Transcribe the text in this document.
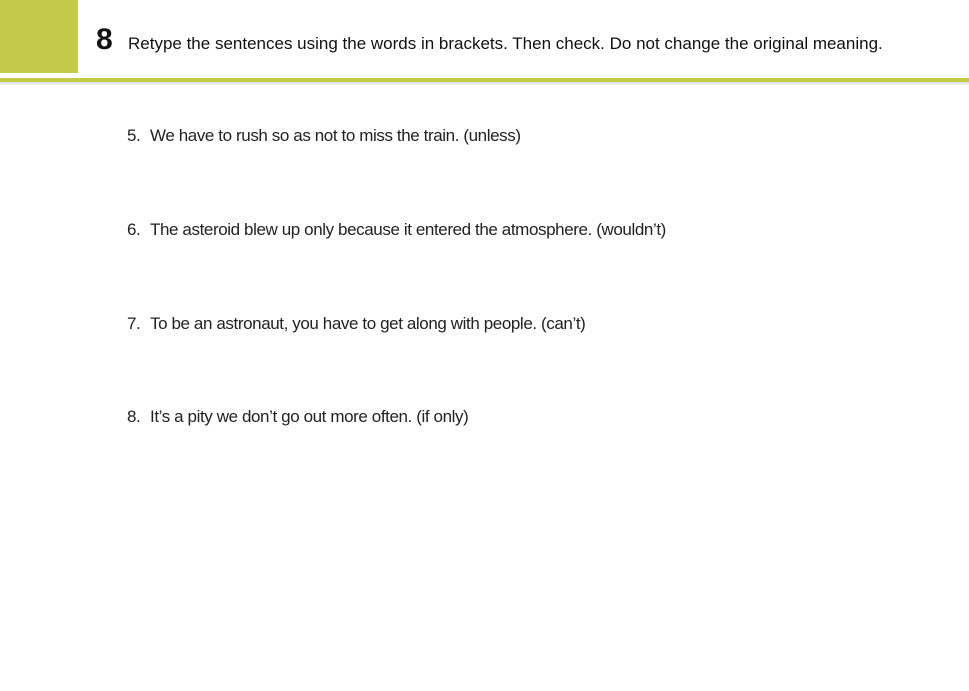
8 Retype the sentences using the words in brackets. Then check. Do not change the original meaning.
5. We have to rush so as not to miss the train. (unless)
6. The asteroid blew up only because it entered the atmosphere. (wouldn’t)
7. To be an astronaut, you have to get along with people. (can’t)
8. It’s a pity we don’t go out more often. (if only)
